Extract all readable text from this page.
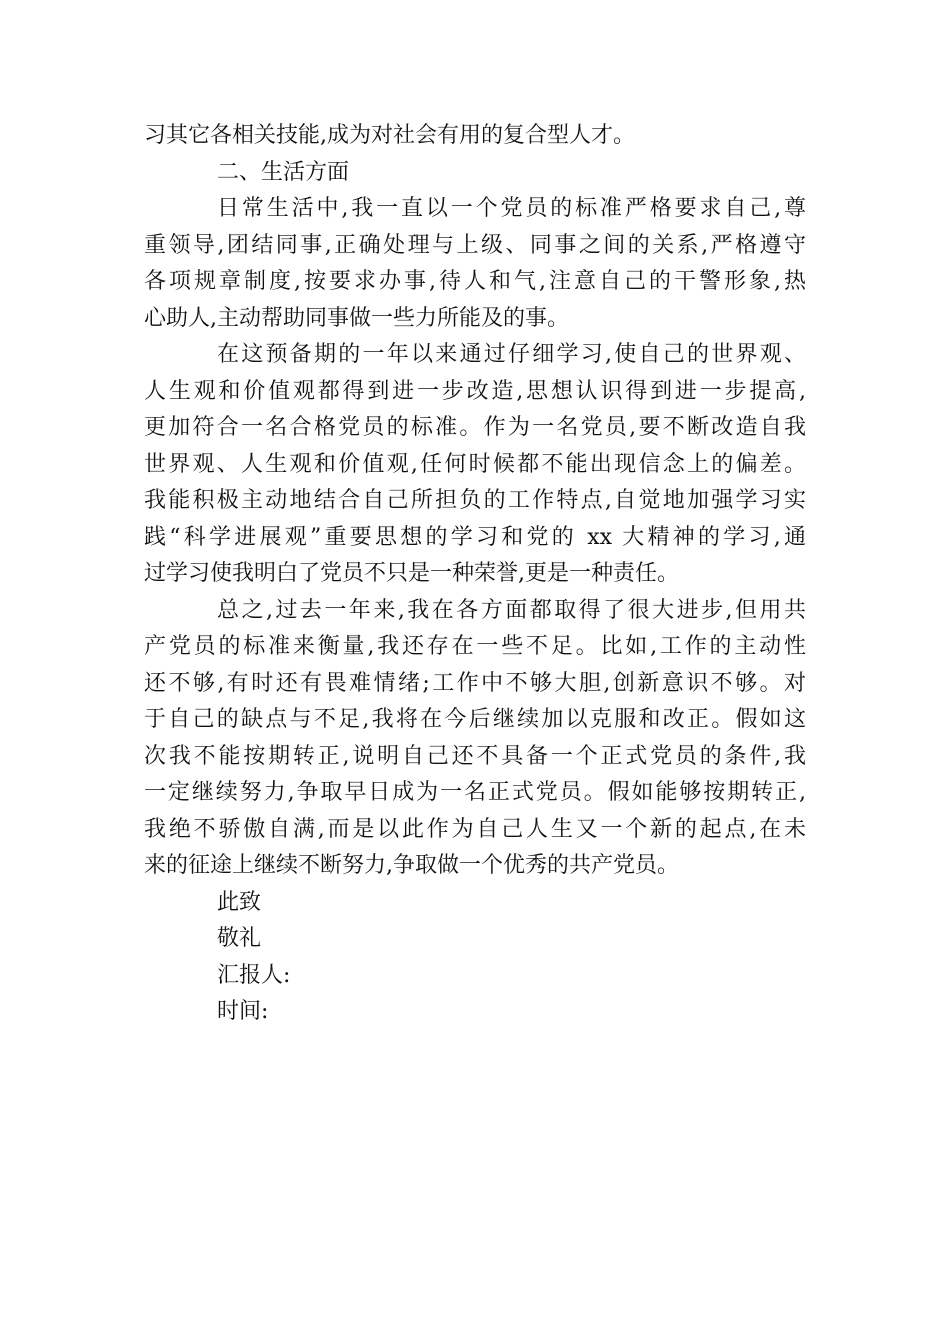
习其它各相关技能,成为对社会有用的复合型人才。
二、生活方面
日常生活中,我一直以一个党员的标准严格要求自己,尊
重领导,团结同事,正确处理与上级、同事之间的关系,严格遵守
各项规章制度,按要求办事,待人和气,注意自己的干警形象,热
心助人,主动帮助同事做一些力所能及的事。
在这预备期的一年以来通过仔细学习,使自己的世界观、
人生观和价值观都得到进一步改造,思想认识得到进一步提高,
更加符合一名合格党员的标准。作为一名党员,要不断改造自我
世界观、人生观和价值观,任何时候都不能出现信念上的偏差。
我能积极主动地结合自己所担负的工作特点,自觉地加强学习实
践“科学进展观”重要思想的学习和党的 xx 大精神的学习,通
过学习使我明白了党员不只是一种荣誉,更是一种责任。
总之,过去一年来,我在各方面都取得了很大进步,但用共
产党员的标准来衡量,我还存在一些不足。比如,工作的主动性
还不够,有时还有畏难情绪;工作中不够大胆,创新意识不够。对
于自己的缺点与不足,我将在今后继续加以克服和改正。假如这
次我不能按期转正,说明自己还不具备一个正式党员的条件,我
一定继续努力,争取早日成为一名正式党员。假如能够按期转正,
我绝不骄傲自满,而是以此作为自己人生又一个新的起点,在未
来的征途上继续不断努力,争取做一个优秀的共产党员。
此致
敬礼
汇报人:
时间:
